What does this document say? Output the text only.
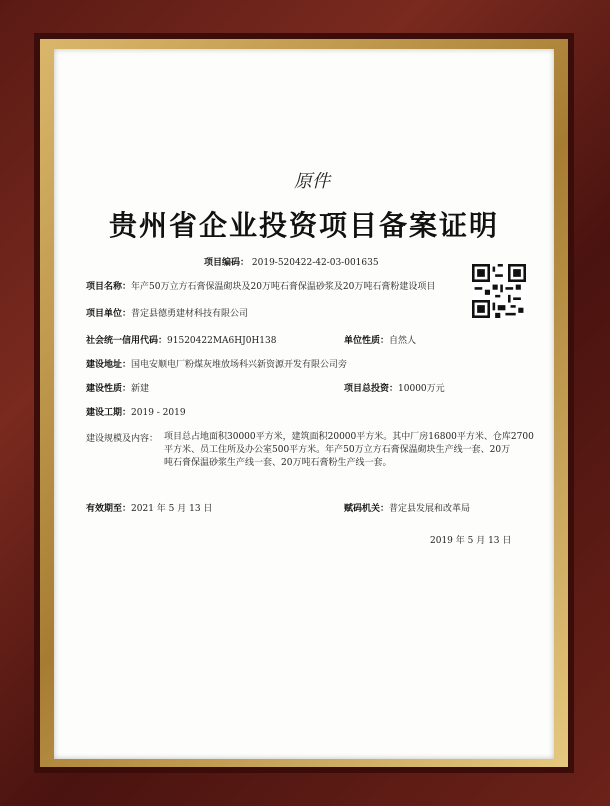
原件
贵州省企业投资项目备案证明
项目编码： 2019-520422-42-03-001635
项目名称：年产50万立方石膏保温砌块及20万吨石膏保温砂浆及20万吨石膏粉建设项目
项目单位：普定县德勇建材科技有限公司
社会统一信用代码：91520422MA6HJ0H138	单位性质：自然人
建设地址：国电安顺电厂粉煤灰堆放场科兴新资源开发有限公司旁
建设性质：新建	项目总投资：10000万元
建设工期：2019 - 2019
建设规模及内容： 项目总占地面积30000平方米，建筑面积20000平方米。其中厂房16800平方米、仓库2700
平方米、员工住所及办公室500平方米。年产50万立方石膏保温砌块生产线一套、20万
吨石膏保温砂浆生产线一套、20万吨石膏粉生产线一套。
有效期至：2021 年 5 月 13 日	赋码机关：普定县发展和改革局
2019 年 5 月 13 日
